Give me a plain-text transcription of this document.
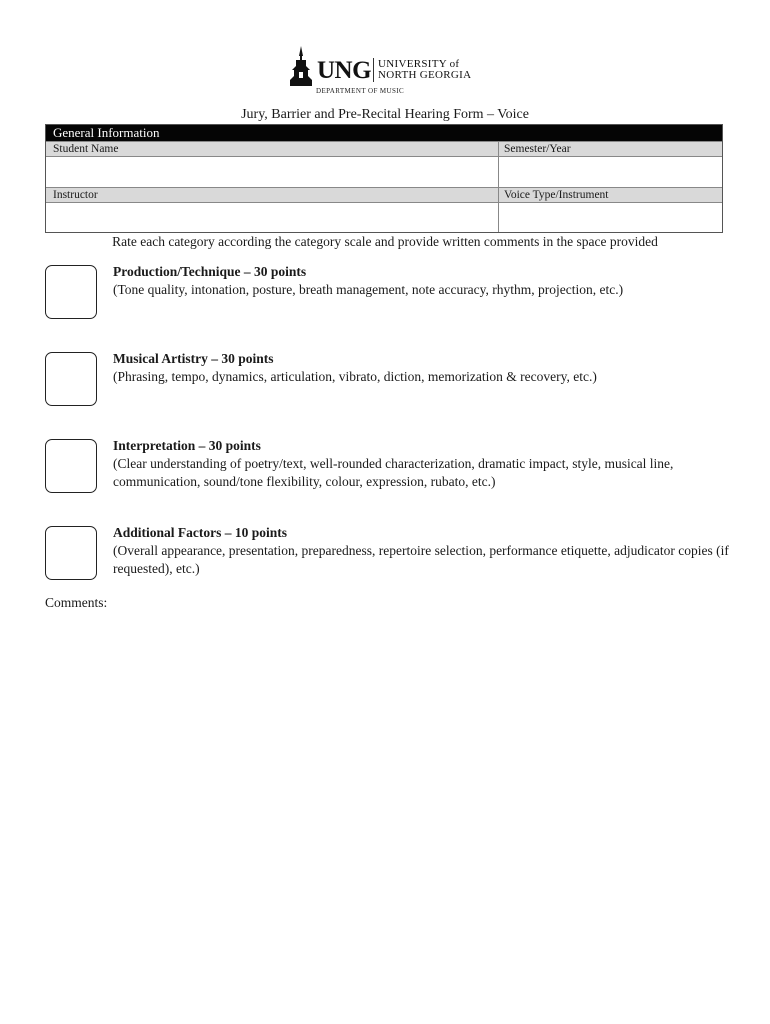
UNG UNIVERSITY of
NORTH GEORGIA
DEPARTMENT OF MUSIC
Jury, Barrier and Pre-Recital Hearing Form – Voice
General Information
Student Name	Semester/Year
Instructor	Voice Type/Instrument
Rate each category according the category scale and provide written comments in the space provided
Production/Technique – 30 points
(Tone quality, intonation, posture, breath management, note accuracy, rhythm, projection, etc.)
Musical Artistry – 30 points
(Phrasing, tempo, dynamics, articulation, vibrato, diction, memorization & recovery, etc.)
Interpretation – 30 points
(Clear understanding of poetry/text, well-rounded characterization, dramatic impact, style, musical line, communication, sound/tone flexibility, colour, expression, rubato, etc.)
Additional Factors – 10 points
(Overall appearance, presentation, preparedness, repertoire selection, performance etiquette, adjudicator copies (if requested), etc.)
Comments:
